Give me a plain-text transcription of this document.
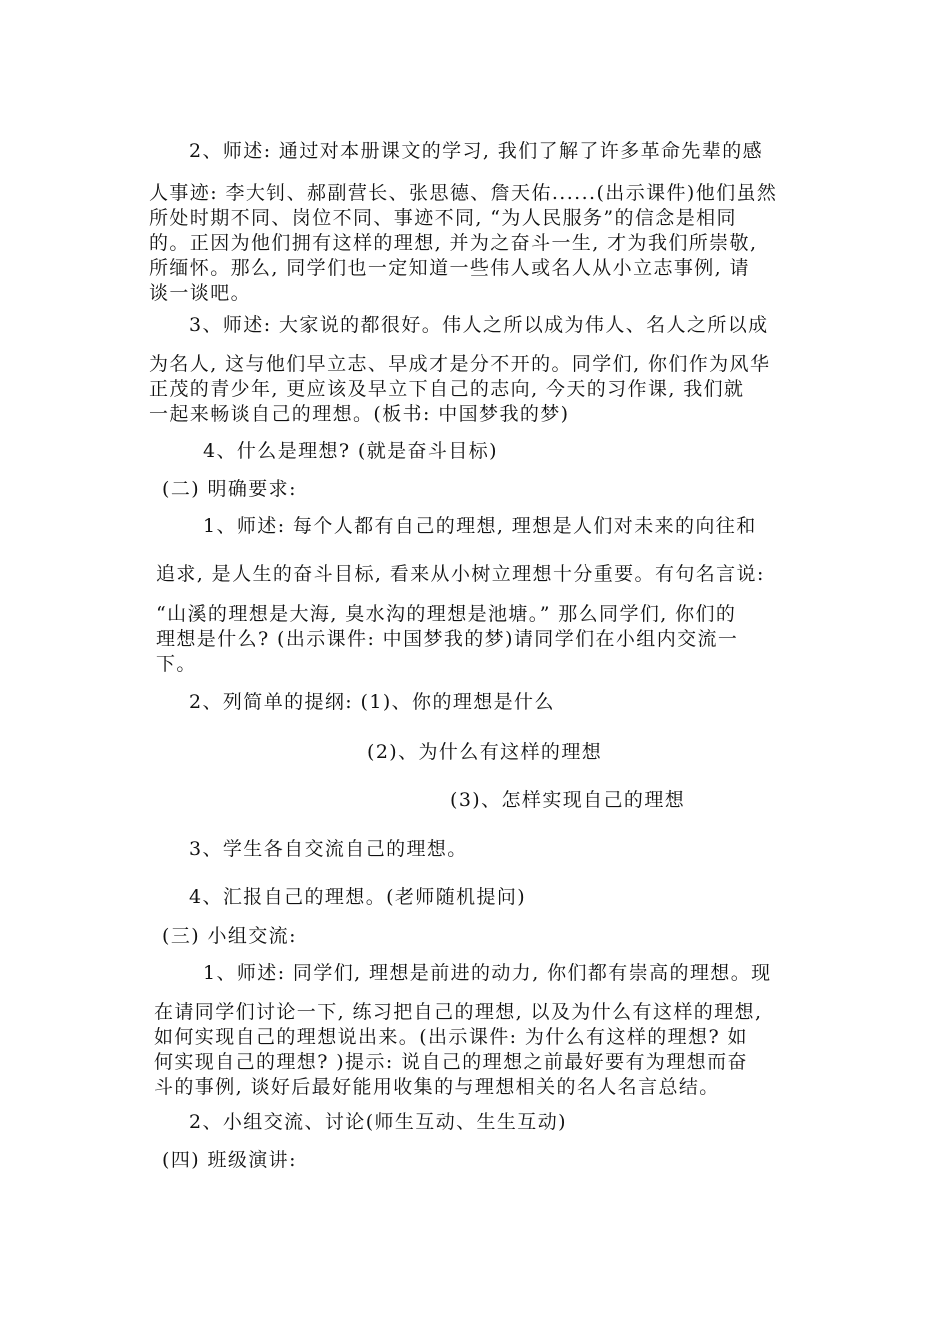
2、师述: 通过对本册课文的学习, 我们了解了许多革命先辈的感
人事迹: 李大钊、郝副营长、张思德、詹天佑......(出示课件)他们虽然
所处时期不同、岗位不同、事迹不同, “为人民服务”的信念是相同
的。正因为他们拥有这样的理想, 并为之奋斗一生, 才为我们所崇敬,
所缅怀。那么, 同学们也一定知道一些伟人或名人从小立志事例, 请
谈一谈吧。
3、师述: 大家说的都很好。伟人之所以成为伟人、名人之所以成
为名人, 这与他们早立志、早成才是分不开的。同学们, 你们作为风华
正茂的青少年, 更应该及早立下自己的志向, 今天的习作课, 我们就
一起来畅谈自己的理想。(板书: 中国梦我的梦)
4、什么是理想? (就是奋斗目标)
(二) 明确要求:
1、师述: 每个人都有自己的理想, 理想是人们对未来的向往和
追求, 是人生的奋斗目标, 看来从小树立理想十分重要。有句名言说:
“山溪的理想是大海, 臭水沟的理想是池塘。” 那么同学们, 你们的
理想是什么? (出示课件: 中国梦我的梦)请同学们在小组内交流一
下。
2、列简单的提纲: (1)、你的理想是什么
(2)、为什么有这样的理想
(3)、怎样实现自己的理想
3、学生各自交流自己的理想。
4、汇报自己的理想。(老师随机提问)
(三) 小组交流:
1、师述: 同学们, 理想是前进的动力, 你们都有崇高的理想。现
在请同学们讨论一下, 练习把自己的理想, 以及为什么有这样的理想,
如何实现自己的理想说出来。(出示课件: 为什么有这样的理想? 如
何实现自己的理想? )提示: 说自己的理想之前最好要有为理想而奋
斗的事例, 谈好后最好能用收集的与理想相关的名人名言总结。
2、小组交流、讨论(师生互动、生生互动)
(四) 班级演讲:
